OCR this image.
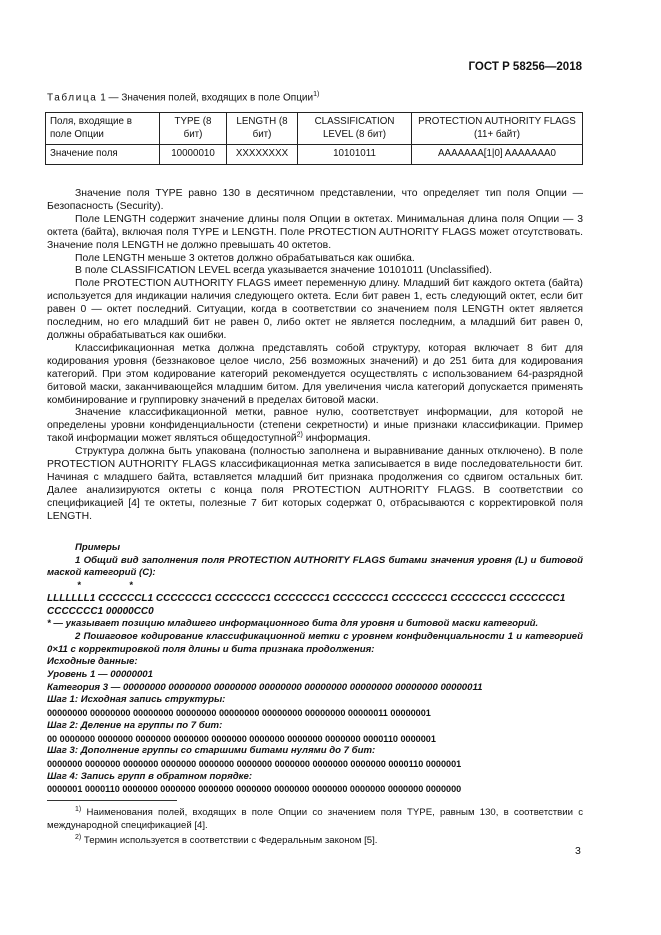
ГОСТ Р 58256—2018
Таблица 1 — Значения полей, входящих в поле Опции$^{1)}$
Поля, входящие в поле Опции	TYPE (8 бит)	LENGTH (8 бит)	CLASSIFICATION LEVEL (8 бит)	PROTECTION AUTHORITY FLAGS (11+ байт)
Значение поля	10000010	XXXXXXXX	10101011	AAAAAAA[1|0] AAAAAAA0

Значение поля TYPE равно 130 в десятичном представлении, что определяет тип поля Опции — Безопасность (Security).

Поле LENGTH содержит значение длины поля Опции в октетах. Минимальная длина поля Опции — 3 октета (байта), включая поля TYPE и LENGTH. Поле PROTECTION AUTHORITY FLAGS может отсутствовать. Значение поля LENGTH не должно превышать 40 октетов.

Поле LENGTH меньше 3 октетов должно обрабатываться как ошибка.

В поле CLASSIFICATION LEVEL всегда указывается значение 10101011 (Unclassified).

Поле PROTECTION AUTHORITY FLAGS имеет переменную длину. Младший бит каждого октета (байта) используется для индикации наличия следующего октета. Если бит равен 1, есть следующий октет, если бит равен 0 — октет последний. Ситуации, когда в соответствии со значением поля LENGTH октет является последним, но его младший бит не равен 0, либо октет не является последним, а младший бит равен 0, должны обрабатываться как ошибки.

Классификационная метка должна представлять собой структуру, которая включает 8 бит для кодирования уровня (беззнаковое целое число, 256 возможных значений) и до 251 бита для кодирования категорий. При этом кодирование категорий рекомендуется осуществлять с использованием 64-разрядной битовой маски, заканчивающейся младшим битом. Для увеличения числа категорий допускается применять комбинирование и группировку значений в пределах битовой маски.

Значение классификационной метки, равное нулю, соответствует информации, для которой не определены уровни конфиденциальности (степени секретности) и иные признаки классификации. Пример такой информации может являться общедоступной$^{2)}$ информация.

Структура должна быть упакована (полностью заполнена и выравнивание данных отключено). В поле PROTECTION AUTHORITY FLAGS классификационная метка записывается в виде последовательности бит. Начиная с младшего байта, вставляется младший бит признака продолжения со сдвигом остальных бит. Далее анализируются октеты с конца поля PROTECTION AUTHORITY FLAGS. В соответствии со спецификацией [4] те октеты, полезные 7 бит которых содержат 0, отбрасываются с корректировкой поля LENGTH.

Примеры
1 Общий вид заполнения поля PROTECTION AUTHORITY FLAGS битами значения уровня (L) и битовой маской категорий (C):
*	*
LLLLLLL1 CCCCCCL1 CCCCCCC1 CCCCCCC1 CCCCCCC1 CCCCCCC1 CCCCCCC1 CCCCCCC1 CCCCCCC1
CCCCCCC1 00000CC0
* — указывает позицию младшего информационного бита для уровня и битовой маски категорий.
2 Пошаговое кодирование классификационной метки с уровнем конфиденциальности 1 и категорией 0×11 с корректировкой поля длины и бита признака продолжения:
Исходные данные:
Уровень 1 — 00000001
Категория 3 — 00000000 00000000 00000000 00000000 00000000 00000000 00000000 00000011
Шаг 1: Исходная запись структуры:
00000000 00000000 00000000 00000000 00000000 00000000 00000000 00000011 00000001
Шаг 2: Деление на группы по 7 бит:
00 0000000 0000000 0000000 0000000 0000000 0000000 0000000 0000000 0000110 0000001
Шаг 3: Дополнение группы со старшими битами нулями до 7 бит:
0000000 0000000 0000000 0000000 0000000 0000000 0000000 0000000 0000000 0000110 0000001
Шаг 4: Запись групп в обратном порядке:
0000001 0000110 0000000 0000000 0000000 0000000 0000000 0000000 0000000 0000000 0000000

$^{1)}$ Наименования полей, входящих в поле Опции со значением поля TYPE, равным 130, в соответствии с международной спецификацией [4].

$^{2)}$ Термин используется в соответствии с Федеральным законом [5].

3
